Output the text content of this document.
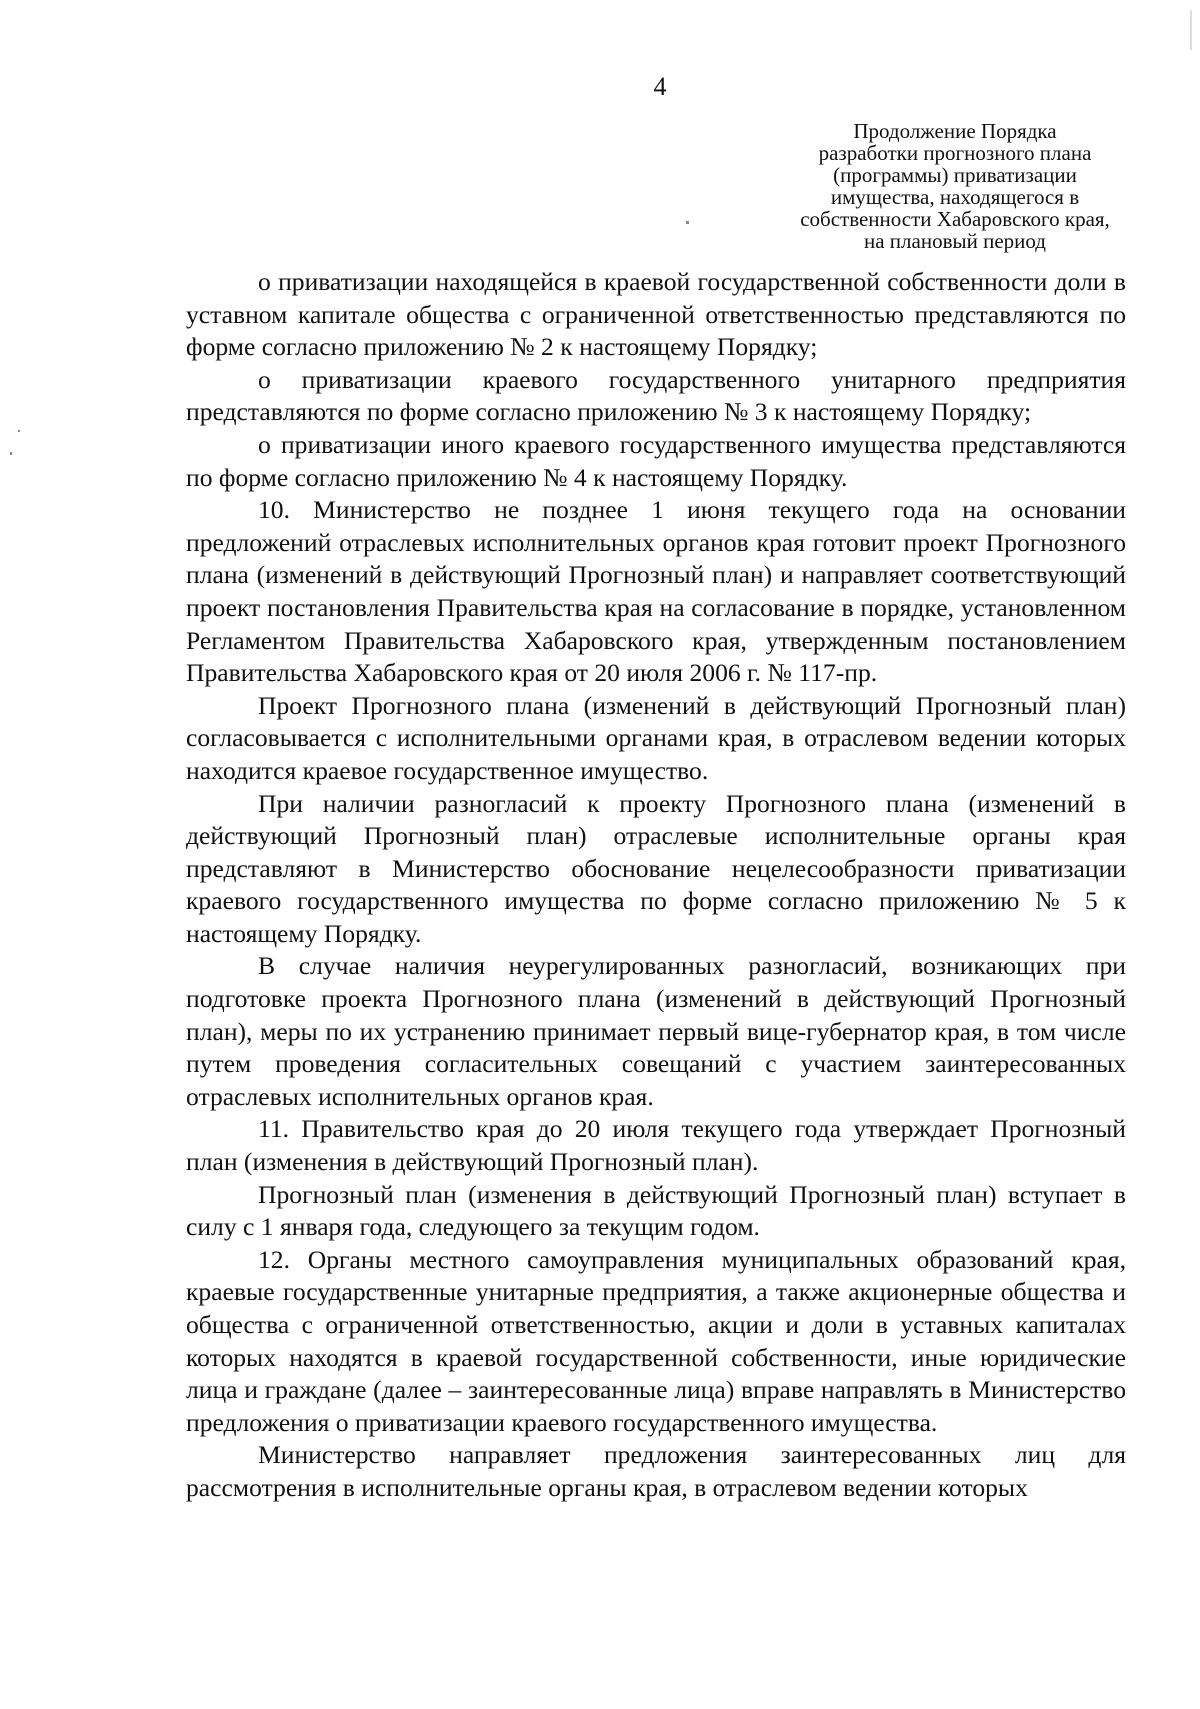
4
Продолжение Порядка
разработки прогнозного плана
(программы) приватизации
имущества, находящегося в
собственности Хабаровского края,
на плановый период

о приватизации находящейся в краевой государственной собственности доли в уставном капитале общества с ограниченной ответственностью представляются по форме согласно приложению № 2 к настоящему Порядку;

о приватизации краевого государственного унитарного предприятия представляются по форме согласно приложению № 3 к настоящему Порядку;

о приватизации иного краевого государственного имущества представляются по форме согласно приложению № 4 к настоящему Порядку.

10. Министерство не позднее 1 июня текущего года на основании предложений отраслевых исполнительных органов края готовит проект Прогнозного плана (изменений в действующий Прогнозный план) и направляет соответствующий проект постановления Правительства края на согласование в порядке, установленном Регламентом Правительства Хабаровского края, утвержденным постановлением Правительства Хабаровского края от 20 июля 2006 г. № 117-пр.

Проект Прогнозного плана (изменений в действующий Прогнозный план) согласовывается с исполнительными органами края, в отраслевом ведении которых находится краевое государственное имущество.

При наличии разногласий к проекту Прогнозного плана (изменений в действующий Прогнозный план) отраслевые исполнительные органы края представляют в Министерство обоснование нецелесообразности приватизации краевого государственного имущества по форме согласно приложению № 5 к настоящему Порядку.

В случае наличия неурегулированных разногласий, возникающих при подготовке проекта Прогнозного плана (изменений в действующий Прогнозный план), меры по их устранению принимает первый вице-губернатор края, в том числе путем проведения согласительных совещаний с участием заинтересованных отраслевых исполнительных органов края.

11. Правительство края до 20 июля текущего года утверждает Прогнозный план (изменения в действующий Прогнозный план).

Прогнозный план (изменения в действующий Прогнозный план) вступает в силу с 1 января года, следующего за текущим годом.

12. Органы местного самоуправления муниципальных образований края, краевые государственные унитарные предприятия, а также акционерные общества и общества с ограниченной ответственностью, акции и доли в уставных капиталах которых находятся в краевой государственной собственности, иные юридические лица и граждане (далее – заинтересованные лица) вправе направлять в Министерство предложения о приватизации краевого государственного имущества.

Министерство направляет предложения заинтересованных лиц для рассмотрения в исполнительные органы края, в отраслевом ведении которых
